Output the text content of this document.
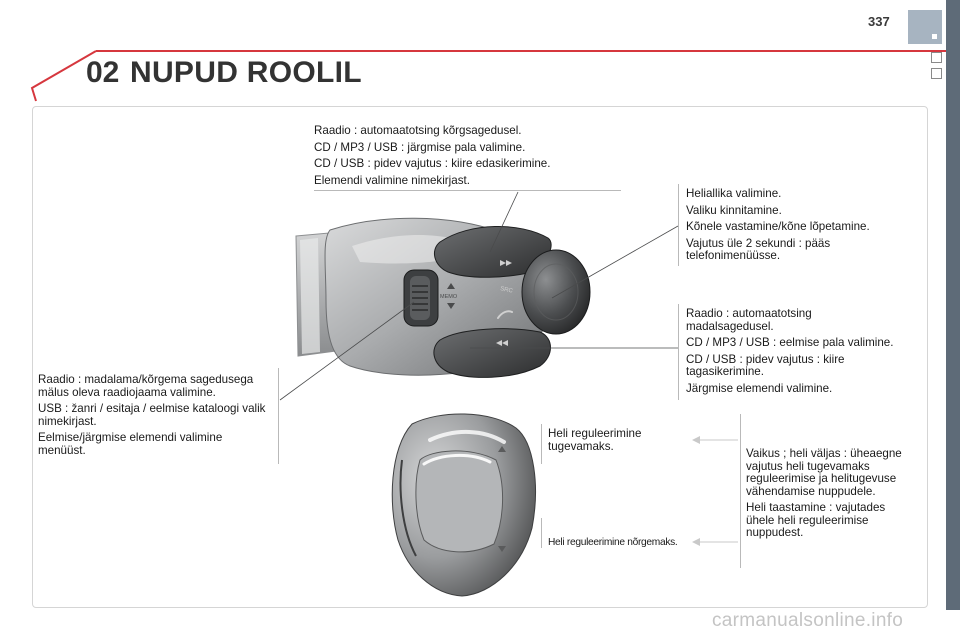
337
02 NUPUD ROOLIL

Raadio : automaatotsing kõrgsagedusel.

CD / MP3 / USB : järgmise pala valimine.

CD / USB : pidev vajutus : kiire edasikerimine.

Elemendi valimine nimekirjast.

Heliallika valimine.

Valiku kinnitamine.

Kõnele vastamine/kõne lõpetamine.

Vajutus üle 2 sekundi : pääs telefonimenüüsse.

Raadio : automaatotsing madalsagedusel.

CD / MP3 / USB : eelmise pala valimine.

CD / USB : pidev vajutus : kiire tagasikerimine.

Järgmise elemendi valimine.

Raadio : madalama/kõrgema sagedusega mälus oleva raadiojaama valimine.

USB : žanri / esitaja / eelmise kataloogi valik nimekirjast.

Eelmise/järgmise elemendi valimine menüüst.

Heli reguleerimine tugevamaks.

Vaikus ; heli väljas : üheaegne vajutus heli tugevamaks reguleerimise ja helitugevuse vähendamise nuppudele.

Heli taastamine : vajutades ühele heli reguleerimise nuppudest.

Heli reguleerimine nõrgemaks.

SRC
MEMO
carmanualsonline.info
